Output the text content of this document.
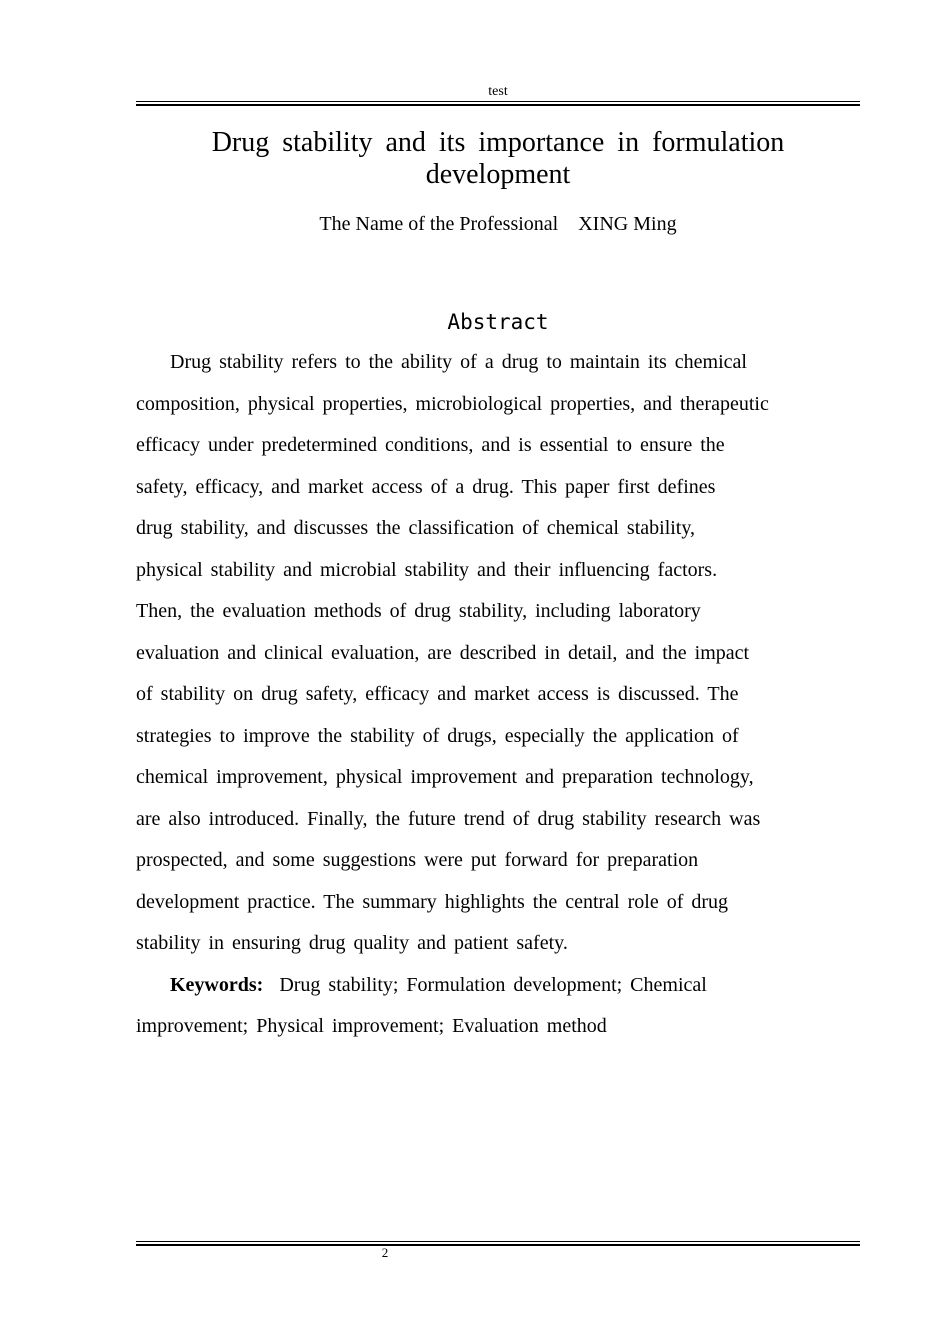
test
Drug stability and its importance in formulation development
The Name of the Professional    XING Ming
Abstract
Drug stability refers to the ability of a drug to maintain its chemical
composition, physical properties, microbiological properties, and therapeutic
efficacy under predetermined conditions, and is essential to ensure the
safety, efficacy, and market access of a drug. This paper first defines
drug stability, and discusses the classification of chemical stability,
physical stability and microbial stability and their influencing factors.
Then, the evaluation methods of drug stability, including laboratory
evaluation and clinical evaluation, are described in detail, and the impact
of stability on drug safety, efficacy and market access is discussed. The
strategies to improve the stability of drugs, especially the application of
chemical improvement, physical improvement and preparation technology,
are also introduced. Finally, the future trend of drug stability research was
prospected, and some suggestions were put forward for preparation
development practice. The summary highlights the central role of drug
stability in ensuring drug quality and patient safety.
Keywords: Drug stability; Formulation development; Chemical
improvement; Physical improvement; Evaluation method
2
